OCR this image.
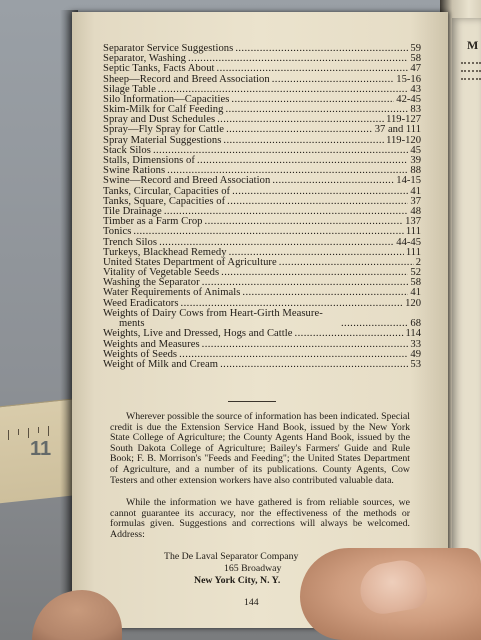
11
M
Separator Service Suggestions .....	59
Separator, Washing .....	58
Septic Tanks, Facts About .....	47
Sheep—Record and Breed Association .....	15-16
Silage Table .....	43
Silo Information—Capacities .....	42-45
Skim-Milk for Calf Feeding .....	83
Spray and Dust Schedules .....	119-127
Spray—Fly Spray for Cattle .....	37 and 111
Spray Material Suggestions .....	119-120
Stack Silos .....	45
Stalls, Dimensions of .....	39
Swine Rations .....	88
Swine—Record and Breed Association .....	14-15
Tanks, Circular, Capacities of .....	41
Tanks, Square, Capacities of .....	37
Tile Drainage .....	48
Timber as a Farm Crop .....	137
Tonics .....	111
Trench Silos .....	44-45
Turkeys, Blackhead Remedy .....	111
United States Department of Agriculture .....	2
Vitality of Vegetable Seeds .....	52
Washing the Separator .....	58
Water Requirements of Animals .....	41
Weed Eradicators .....	120
Weights of Dairy Cows from Heart-Girth Measure-
ments .....	68
Weights, Live and Dressed, Hogs and Cattle .....	114
Weights and Measures .....	33
Weights of Seeds .....	49
Weight of Milk and Cream .....	53
Wherever possible the source of information has been indicated. Special credit is due the Extension Service Hand Book, issued by the New York State College of Agriculture; the County Agents Hand Book, issued by the South Dakota College of Agriculture; Bailey's Farmers' Guide and Rule Book; F. B. Morrison's "Feeds and Feeding"; the United States Department of Agriculture, and a number of its publications. County Agents, Cow Testers and other extension workers have also contributed valuable data.
While the information we have gathered is from reliable sources, we cannot guarantee its accuracy, nor the effectiveness of the methods or formulas given. Suggestions and corrections will always be welcomed. Address:
The De Laval Separator Company
165 Broadway
New York City, N. Y.
144
